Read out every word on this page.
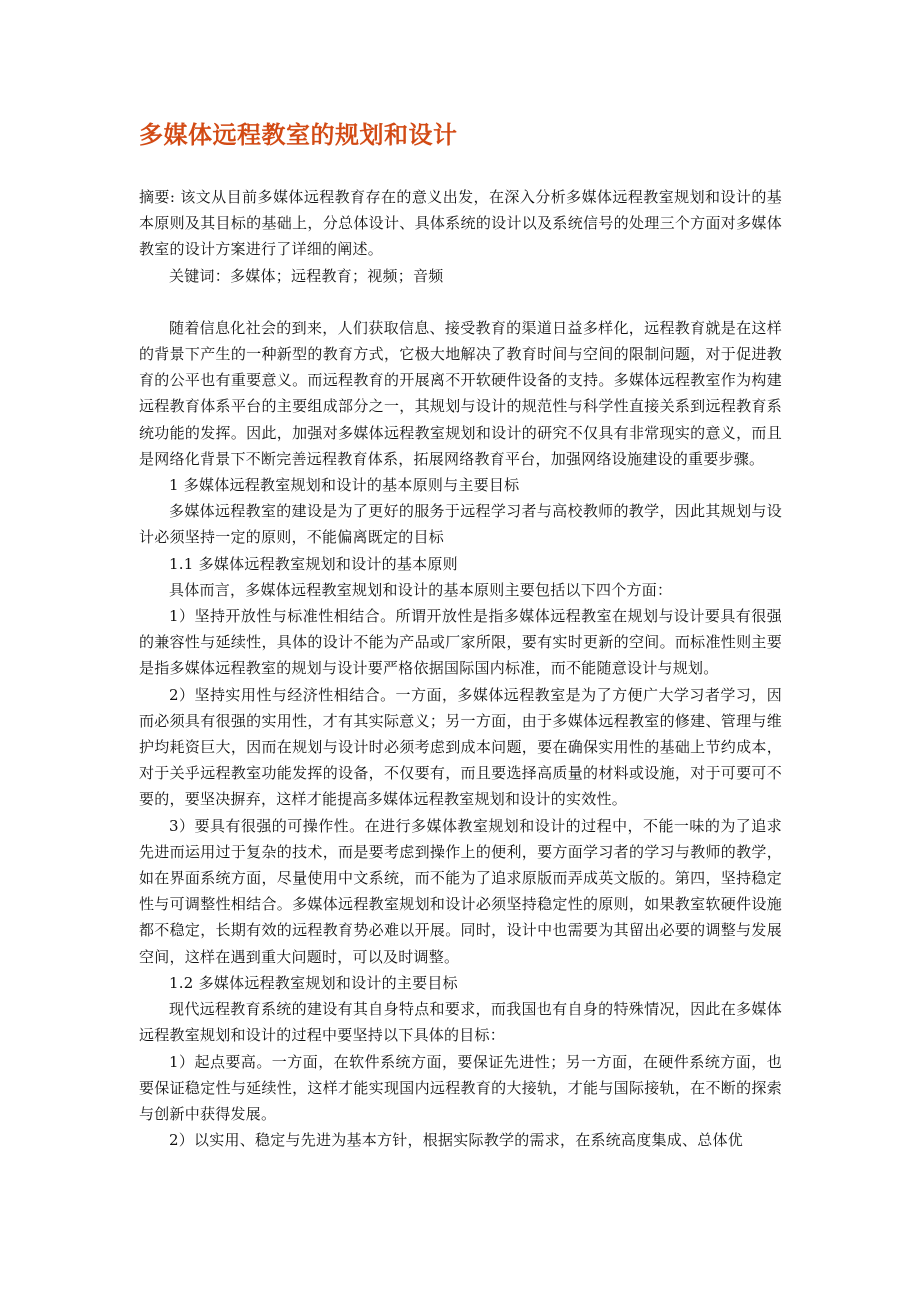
多媒体远程教室的规划和设计

摘要: 该文从目前多媒体远程教育存在的意义出发，在深入分析多媒体远程教室规划和设计的基本原则及其目标的基础上，分总体设计、具体系统的设计以及系统信号的处理三个方面对多媒体教室的设计方案进行了详细的阐述。

关键词：多媒体；远程教育；视频；音频

随着信息化社会的到来，人们获取信息、接受教育的渠道日益多样化，远程教育就是在这样的背景下产生的一种新型的教育方式，它极大地解决了教育时间与空间的限制问题，对于促进教育的公平也有重要意义。而远程教育的开展离不开软硬件设备的支持。多媒体远程教室作为构建远程教育体系平台的主要组成部分之一，其规划与设计的规范性与科学性直接关系到远程教育系统功能的发挥。因此，加强对多媒体远程教室规划和设计的研究不仅具有非常现实的意义，而且是网络化背景下不断完善远程教育体系，拓展网络教育平台，加强网络设施建设的重要步骤。

1 多媒体远程教室规划和设计的基本原则与主要目标

多媒体远程教室的建设是为了更好的服务于远程学习者与高校教师的教学，因此其规划与设计必须坚持一定的原则，不能偏离既定的目标

1.1 多媒体远程教室规划和设计的基本原则

具体而言，多媒体远程教室规划和设计的基本原则主要包括以下四个方面：

1）坚持开放性与标准性相结合。所谓开放性是指多媒体远程教室在规划与设计要具有很强的兼容性与延续性，具体的设计不能为产品或厂家所限，要有实时更新的空间。而标准性则主要是指多媒体远程教室的规划与设计要严格依据国际国内标准，而不能随意设计与规划。

2）坚持实用性与经济性相结合。一方面，多媒体远程教室是为了方便广大学习者学习，因而必须具有很强的实用性，才有其实际意义；另一方面，由于多媒体远程教室的修建、管理与维护均耗资巨大，因而在规划与设计时必须考虑到成本问题，要在确保实用性的基础上节约成本，对于关乎远程教室功能发挥的设备，不仅要有，而且要选择高质量的材料或设施，对于可要可不要的，要坚决摒弃，这样才能提高多媒体远程教室规划和设计的实效性。

3）要具有很强的可操作性。在进行多媒体教室规划和设计的过程中，不能一味的为了追求先进而运用过于复杂的技术，而是要考虑到操作上的便利，要方面学习者的学习与教师的教学，如在界面系统方面，尽量使用中文系统，而不能为了追求原版而弄成英文版的。第四，坚持稳定性与可调整性相结合。多媒体远程教室规划和设计必须坚持稳定性的原则，如果教室软硬件设施都不稳定，长期有效的远程教育势必难以开展。同时，设计中也需要为其留出必要的调整与发展空间，这样在遇到重大问题时，可以及时调整。

1.2 多媒体远程教室规划和设计的主要目标

现代远程教育系统的建设有其自身特点和要求，而我国也有自身的特殊情况，因此在多媒体远程教室规划和设计的过程中要坚持以下具体的目标：

1）起点要高。一方面，在软件系统方面，要保证先进性；另一方面，在硬件系统方面，也要保证稳定性与延续性，这样才能实现国内远程教育的大接轨，才能与国际接轨，在不断的探索与创新中获得发展。

2）以实用、稳定与先进为基本方针，根据实际教学的需求，在系统高度集成、总体优
